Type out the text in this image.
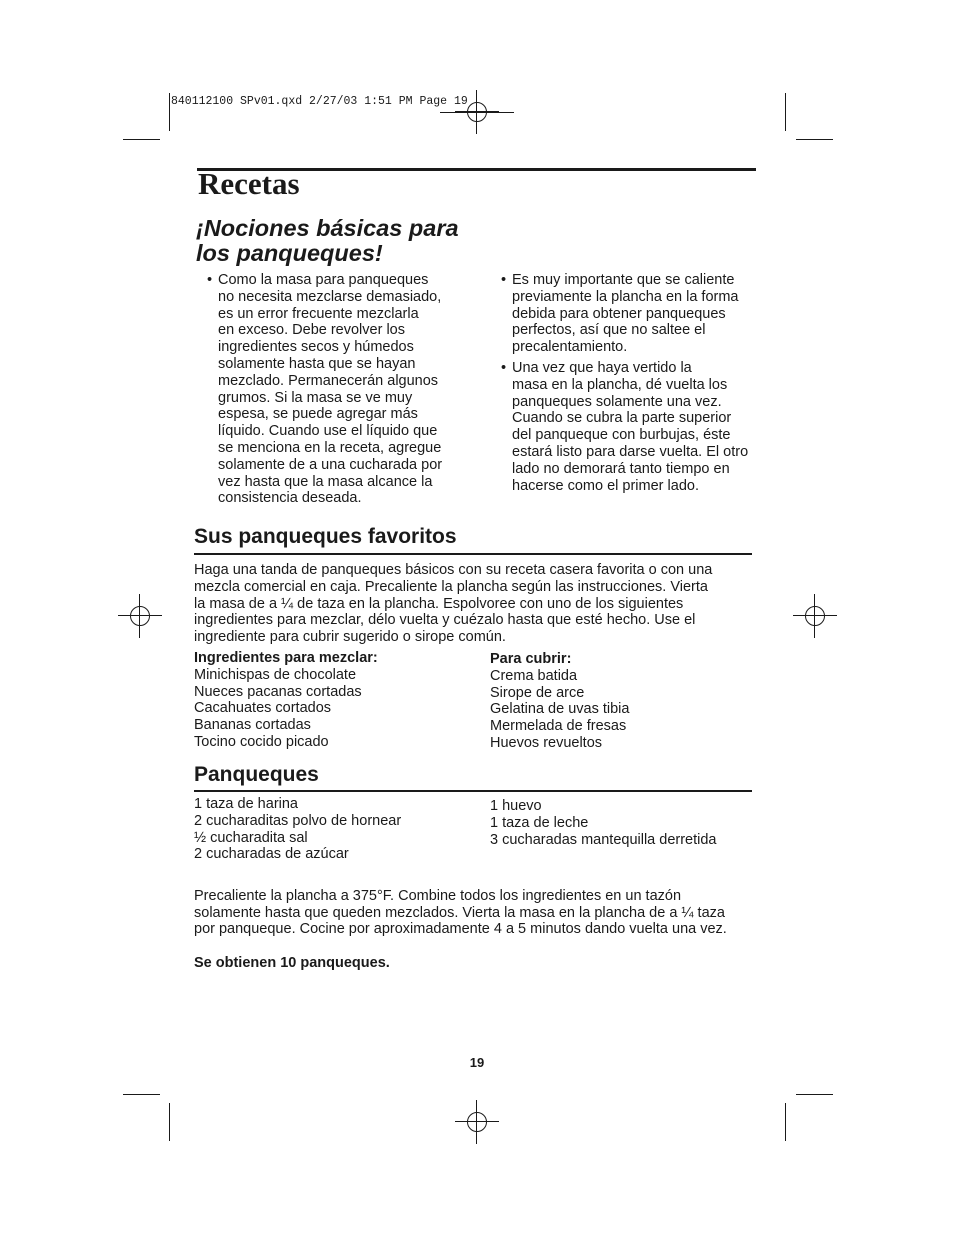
840112100 SPv01.qxd 2/27/03 1:51 PM Page 19
Recetas
¡Nociones básicas para
los panqueques!
• Como la masa para panqueques
no necesita mezclarse demasiado,
es un error frecuente mezclarla
en exceso. Debe revolver los
ingredientes secos y húmedos
solamente hasta que se hayan
mezclado. Permanecerán algunos
grumos. Si la masa se ve muy
espesa, se puede agregar más
líquido. Cuando use el líquido que
se menciona en la receta, agregue
solamente de a una cucharada por
vez hasta que la masa alcance la
consistencia deseada.
• Es muy importante que se caliente
previamente la plancha en la forma
debida para obtener panqueques
perfectos, así que no saltee el
precalentamiento.
• Una vez que haya vertido la
masa en la plancha, dé vuelta los
panqueques solamente una vez.
Cuando se cubra la parte superior
del panqueque con burbujas, éste
estará listo para darse vuelta. El otro
lado no demorará tanto tiempo en
hacerse como el primer lado.
Sus panqueques favoritos

Haga una tanda de panqueques básicos con su receta casera favorita o con una
mezcla comercial en caja. Precaliente la plancha según las instrucciones. Vierta
la masa de a ¼ de taza en la plancha. Espolvoree con uno de los siguientes
ingredientes para mezclar, délo vuelta y cuézalo hasta que esté hecho. Use el
ingrediente para cubrir sugerido o sirope común.

Ingredientes para mezclar:
Minichispas de chocolate
Nueces pacanas cortadas
Cacahuates cortados
Bananas cortadas
Tocino cocido picado
Para cubrir:
Crema batida
Sirope de arce
Gelatina de uvas tibia
Mermelada de fresas
Huevos revueltos
Panqueques
1 taza de harina
2 cucharaditas polvo de hornear
½ cucharadita sal
2 cucharadas de azúcar
1 huevo
1 taza de leche
3 cucharadas mantequilla derretida

Precaliente la plancha a 375°F. Combine todos los ingredientes en un tazón
solamente hasta que queden mezclados. Vierta la masa en la plancha de a ¼ taza
por panqueque. Cocine por aproximadamente 4 a 5 minutos dando vuelta una vez.

Se obtienen 10 panqueques.

19
